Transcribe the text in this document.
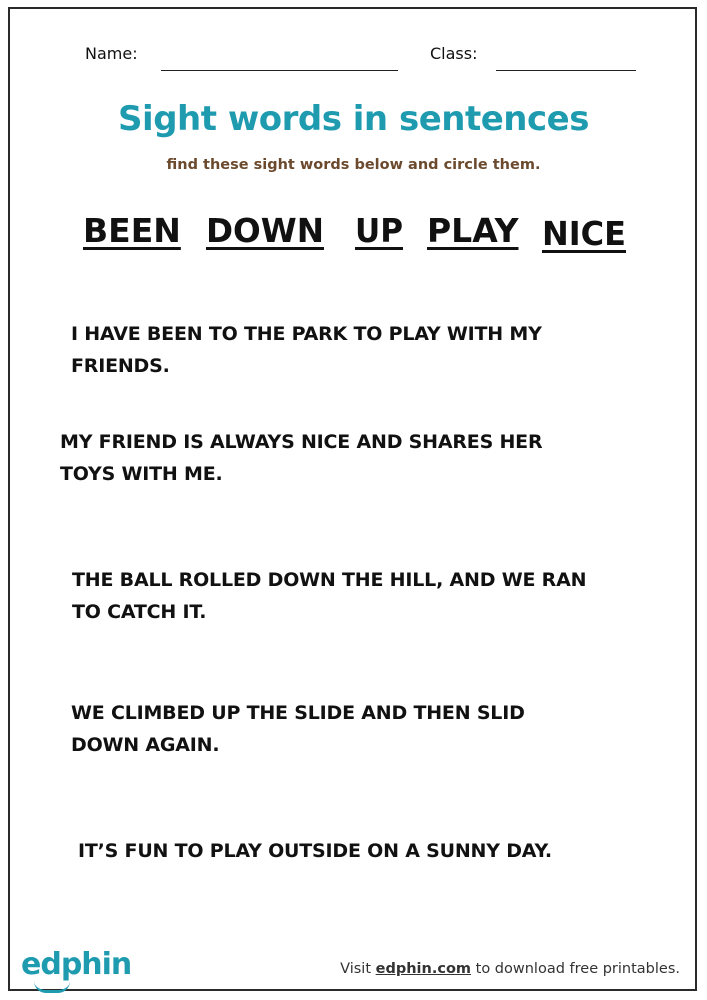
Name:	Class:
Sight words in sentences
find these sight words below and circle them.
BEEN DOWN UP PLAY NICE
I HAVE BEEN TO THE PARK TO PLAY WITH MY
FRIENDS.
MY FRIEND IS ALWAYS NICE AND SHARES HER
TOYS WITH ME.
THE BALL ROLLED DOWN THE HILL, AND WE RAN
TO CATCH IT.
WE CLIMBED UP THE SLIDE AND THEN SLID
DOWN AGAIN.
IT’S FUN TO PLAY OUTSIDE ON A SUNNY DAY.
edphin	Visit edphin.com to download free printables.
